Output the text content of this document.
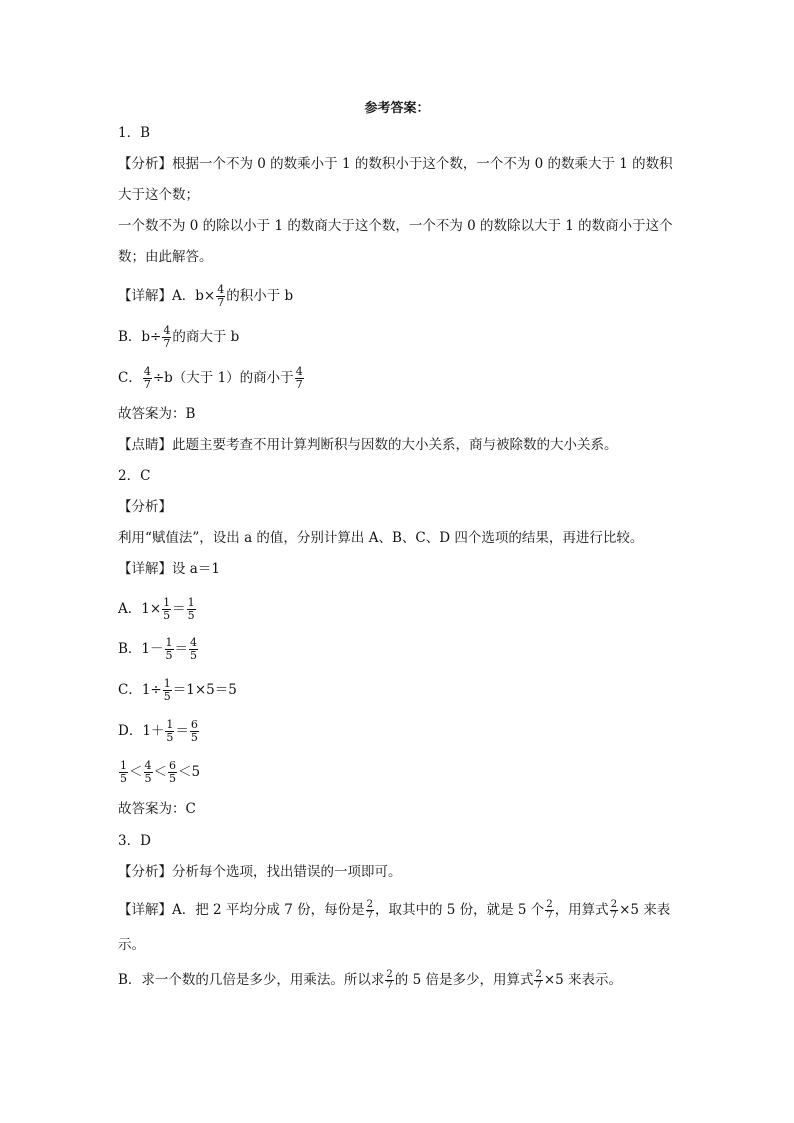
参考答案：
1．B
【分析】根据一个不为 0 的数乘小于 1 的数积小于这个数，一个不为 0 的数乘大于 1 的数积
大于这个数；
一个数不为 0 的除以小于 1 的数商大于这个数，一个不为 0 的数除以大于 1 的数商小于这个
数；由此解答。
【详解】A．$b\times \frac{4}{7}$ 的积小于 b
B．$b\div \frac{4}{7}$ 的商大于 b
C． $\frac{4}{7} \div b$（大于 1）的商小于 $\frac{4}{7}$
故答案为：B
【点睛】此题主要考查不用计算判断积与因数的大小关系，商与被除数的大小关系。
2．C
【分析】
利用“赋值法”，设出 a 的值，分别计算出 A、B、C、D 四个选项的结果，再进行比较。
【详解】设 a＝1
A．$1\times \frac{1}{5} = \frac{1}{5}$
B．$1- \frac{1}{5} = \frac{4}{5}$
C．$1\div \frac{1}{5} =1\times 5=5$
D．$1+ \frac{1}{5} = \frac{6}{5}$
$\frac{1}{5} < \frac{4}{5} < \frac{6}{5} <5$
故答案为：C
3．D
【分析】分析每个选项，找出错误的一项即可。
【详解】A．把 2 平均分成 7 份，每份是 $\frac{2}{7}$ ，取其中的 5 份，就是 5 个 $\frac{2}{7}$ ，用算式 $\frac{2}{7} \times 5$ 来表
示。
B．求一个数的几倍是多少，用乘法。所以求 $\frac{2}{7}$ 的 5 倍是多少，用算式 $\frac{2}{7} \times 5$ 来表示。
